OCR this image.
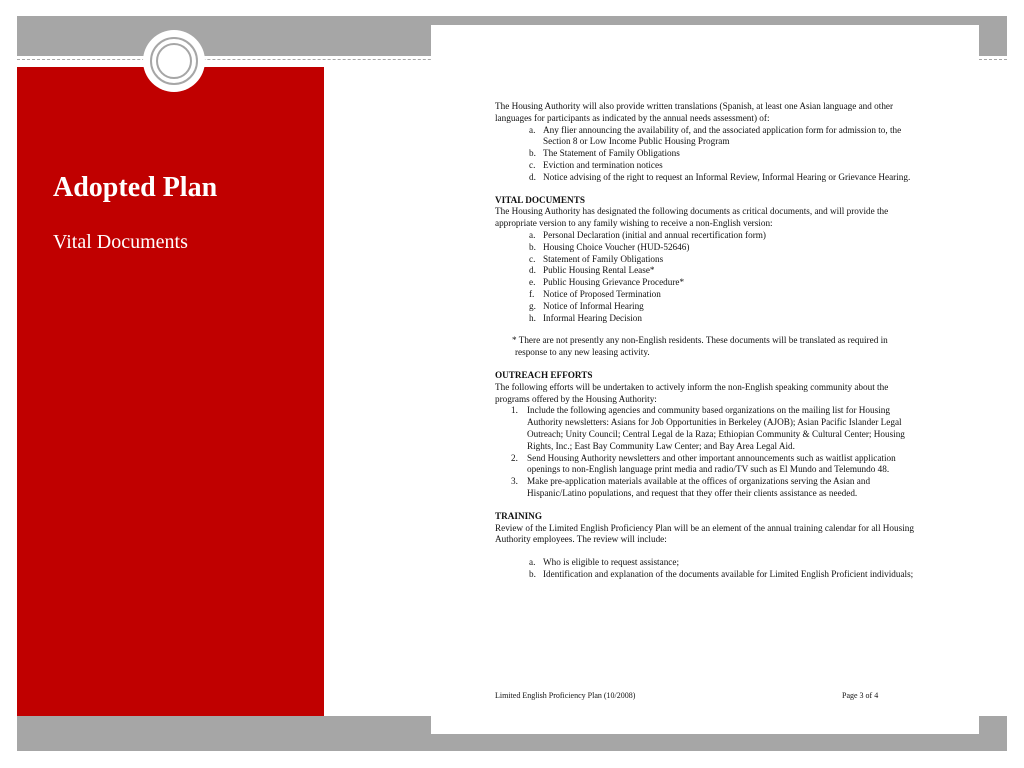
Adopted Plan
Vital Documents

The Housing Authority will also provide written translations (Spanish, at least one Asian language and other languages for participants as indicated by the annual needs assessment) of:

a. Any flier announcing the availability of, and the associated application form for admission to, the Section 8 or Low Income Public Housing Program
b. The Statement of Family Obligations
c. Eviction and termination notices
d. Notice advising of the right to request an Informal Review, Informal Hearing or Grievance Hearing.

VITAL DOCUMENTS

The Housing Authority has designated the following documents as critical documents, and will provide the appropriate version to any family wishing to receive a non-English version:

a. Personal Declaration (initial and annual recertification form)
b. Housing Choice Voucher (HUD-52646)
c. Statement of Family Obligations
d. Public Housing Rental Lease*
e. Public Housing Grievance Procedure*
f. Notice of Proposed Termination
g. Notice of Informal Hearing
h. Informal Hearing Decision

* There are not presently any non-English residents. These documents will be translated as required in response to any new leasing activity.

OUTREACH EFFORTS

The following efforts will be undertaken to actively inform the non-English speaking community about the programs offered by the Housing Authority:

1. Include the following agencies and community based organizations on the mailing list for Housing Authority newsletters: Asians for Job Opportunities in Berkeley (AJOB); Asian Pacific Islander Legal Outreach; Unity Council; Central Legal de la Raza; Ethiopian Community & Cultural Center; Housing Rights, Inc.; East Bay Community Law Center; and Bay Area Legal Aid.
2. Send Housing Authority newsletters and other important announcements such as waitlist application openings to non-English language print media and radio/TV such as El Mundo and Telemundo 48.
3. Make pre-application materials available at the offices of organizations serving the Asian and Hispanic/Latino populations, and request that they offer their clients assistance as needed.

TRAINING

Review of the Limited English Proficiency Plan will be an element of the annual training calendar for all Housing Authority employees. The review will include:

a. Who is eligible to request assistance;
b. Identification and explanation of the documents available for Limited English Proficient individuals;
Limited English Proficiency Plan (10/2008)	Page 3 of 4
